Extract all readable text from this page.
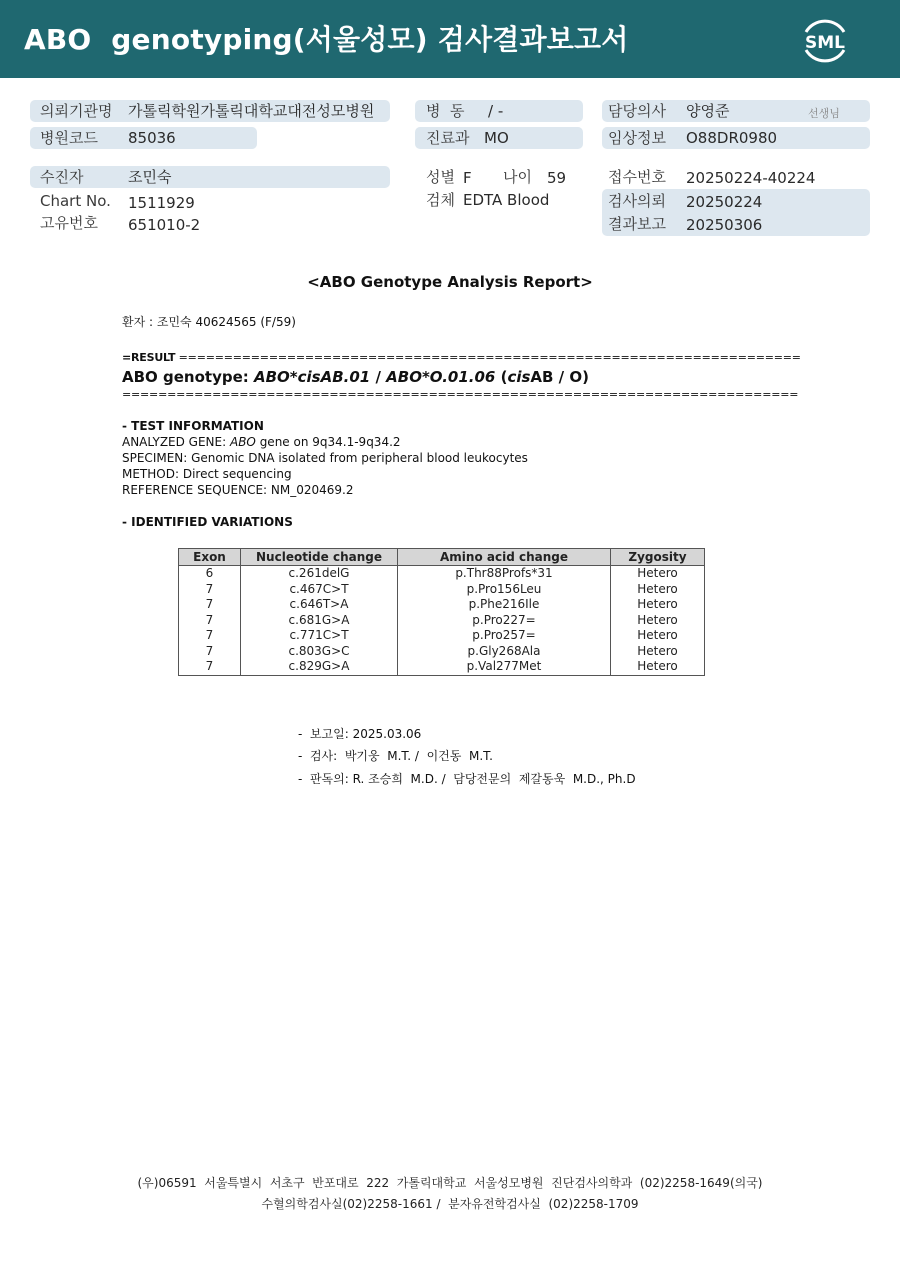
ABO  genotyping(서울성모) 검사결과보고서	SML
의뢰기관명 가톨릭학원가톨릭대학교대전성모병원
병원코드 85036
병  동 / -
진료과 MO
담당의사 양영준	선생님
임상정보 O88DR0980
수진자	조민숙
Chart No. 1511929
고유번호 651010-2
성별 F 나이 59
검체 EDTA Blood
접수번호 20250224-40224
검사의뢰 20250224
결과보고 20250306
<ABO Genotype Analysis Report>
환자 : 조민숙 40624565 (F/59)
=RESULT =====================================================================
ABO genotype: ABO*cisAB.01 / ABO*O.01.06 (cisAB / O)
===========================================================================
- TEST INFORMATION
ANALYZED GENE: ABO gene on 9q34.1-9q34.2
SPECIMEN: Genomic DNA isolated from peripheral blood leukocytes
METHOD: Direct sequencing
REFERENCE SEQUENCE: NM_020469.2
- IDENTIFIED VARIATIONS
Exon	Nucleotide change	Amino acid change	Zygosity
6	c.261delG	p.Thr88Profs*31	Hetero
7	c.467C>T	p.Pro156Leu	Hetero
7	c.646T>A	p.Phe216Ile	Hetero
7	c.681G>A	p.Pro227=	Hetero
7	c.771C>T	p.Pro257=	Hetero
7	c.803G>C	p.Gly268Ala	Hetero
7	c.829G>A	p.Val277Met	Hetero
-  보고일: 2025.03.06
-  검사:  박기웅  M.T. /  이건동  M.T.
-  판독의: R. 조승희  M.D. /  담당전문의  제갈동욱  M.D., Ph.D
(우)06591  서울특별시  서초구  반포대로  222  가톨릭대학교  서울성모병원  진단검사의학과  (02)2258-1649(의국)
수혈의학검사실(02)2258-1661 /  분자유전학검사실  (02)2258-1709
